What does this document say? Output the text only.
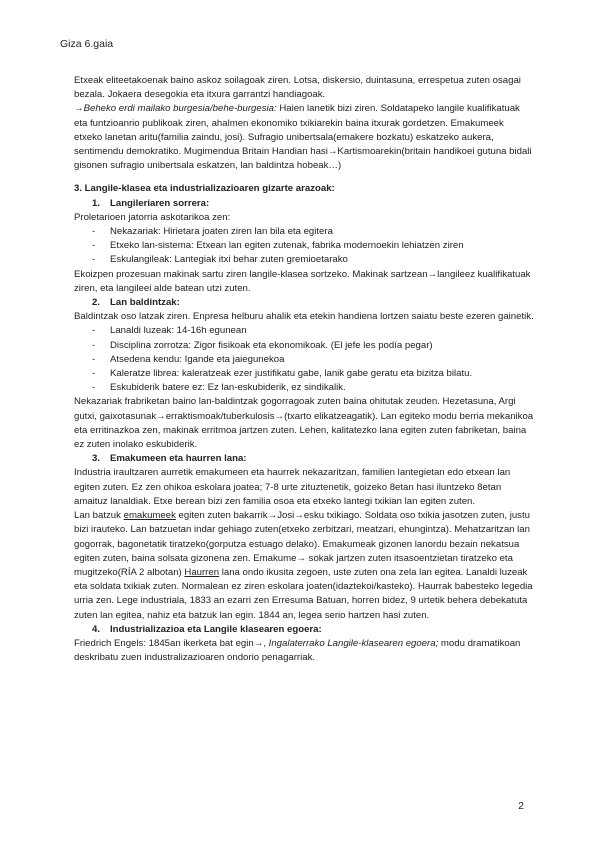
Giza 6.gaia

Etxeak eliteetakoenak baino askoz soilagoak ziren. Lotsa, diskersio, duintasuna, errespetua zuten osagai bezala. Jokaera desegokia eta itxura garrantzi handiagoak.

→Beheko erdi mailako burgesia/behe-burgesia: Haien lanetik bizi ziren. Soldatapeko langile kualifikatuak eta funtzioanrio publikoak ziren, ahalmen ekonomiko txikiarekin baina itxurak gordetzen. Emakumeek etxeko lanetan aritu(familia zaindu, josi). Sufragio unibertsala(emakere bozkatu) eskatzeko aukera, sentimendu demokratiko. Mugimendua Britain Handian hasi→Kartismoarekin(britain handikoei gutuna bidali gisonen sufragio unibertsala eskatzen, lan baldintza hobeak…)

3. Langile-klasea eta industrializazioaren gizarte arazoak:

1. Langileriaren sorrera:

Proletarioen jatorria askotarikoa zen:

- Nekazariak: Hirietara joaten ziren lan bila eta egitera
- Etxeko lan-sistema: Etxean lan egiten zutenak, fabrika modernoekin lehiatzen ziren
- Eskulangileak: Lantegiak itxi behar zuten gremioetarako

Ekoizpen prozesuan makinak sartu ziren langile-klasea sortzeko. Makinak sartzean→langileez kualifikatuak ziren, eta langileei alde batean utzi zuten.

2. Lan baldintzak:

Baldintzak oso latzak ziren. Enpresa helburu ahalik eta etekin handiena lortzen saiatu beste ezeren gainetik.

- Lanaldi luzeak: 14-16h egunean
- Disciplina zorrotza: Zigor fisikoak eta ekonomikoak. (El jefe les podía pegar)
- Atsedena kendu: Igande eta jaiegunekoa
- Kaleratze librea: kaleratzeak ezer justifikatu gabe, lanik gabe geratu eta bizitza bilatu.
- Eskubiderik batere ez: Ez lan-eskubiderik, ez sindikalik.

Nekazariak frabriketan baino lan-baldintzak gogorragoak zuten baina ohitutak zeuden. Hezetasuna, Argi gutxi, gaixotasunak→erraktismoak/tuberkulosis→(txarto elikatzeagatik). Lan egiteko modu berria mekanikoa eta erritinazkoa zen, makinak erritmoa jartzen zuten. Lehen, kalitatezko lana egiten zuten fabriketan, baina ez zuten inolako eskubiderik.

3. Emakumeen eta haurren lana:

Industria iraultzaren aurretik emakumeen eta haurrek nekazaritzan, familien lantegietan edo etxean lan egiten zuten. Ez zen ohikoa eskolara joatea; 7-8 urte zituztenetik, goizeko 8etan hasi iluntzeko 8etan amaituz lanaldiak. Etxe berean bizi zen familia osoa eta etxeko lantegi txikian lan egiten zuten.

Lan batzuk emakumeek egiten zuten bakarrik→Josi→esku txikiago. Soldata oso txikia jasotzen zuten, justu bizi irauteko. Lan batzuetan indar gehiago zuten(etxeko zerbitzari, meatzari, ehungintza). Mehatzaritzan lan gogorrak, bagonetatik tiratzeko(gorputza estuago delako). Emakumeak gizonen lanordu bezain nekatsua egiten zuten, baina solsata gizonena zen. Emakume→ sokak jartzen zuten itsasoentzietan tiratzeko eta mugitzeko(RÍA 2 albotan) Haurren lana ondo ikusita zegoen, uste zuten ona zela lan egitea. Lanaldi luzeak eta soldata txikiak zuten. Normalean ez ziren eskolara joaten(idaztekoi/kasteko). Haurrak babesteko legedia urria zen. Lege industriala, 1833 an ezarri zen Erresuma Batuan, horren bidez, 9 urtetik behera debekatuta zuten lan egitea, nahiz eta batzuk lan egin. 1844 an, legea serio hartzen hasi zuten.

4. Industrializazioa eta Langile klasearen egoera:

Friedrich Engels: 1845an ikerketa bat egin→, Ingalaterrako Langile-klasearen egoera; modu dramatikoan deskribatu zuen industralizazioaren ondorio penagarriak.

2
